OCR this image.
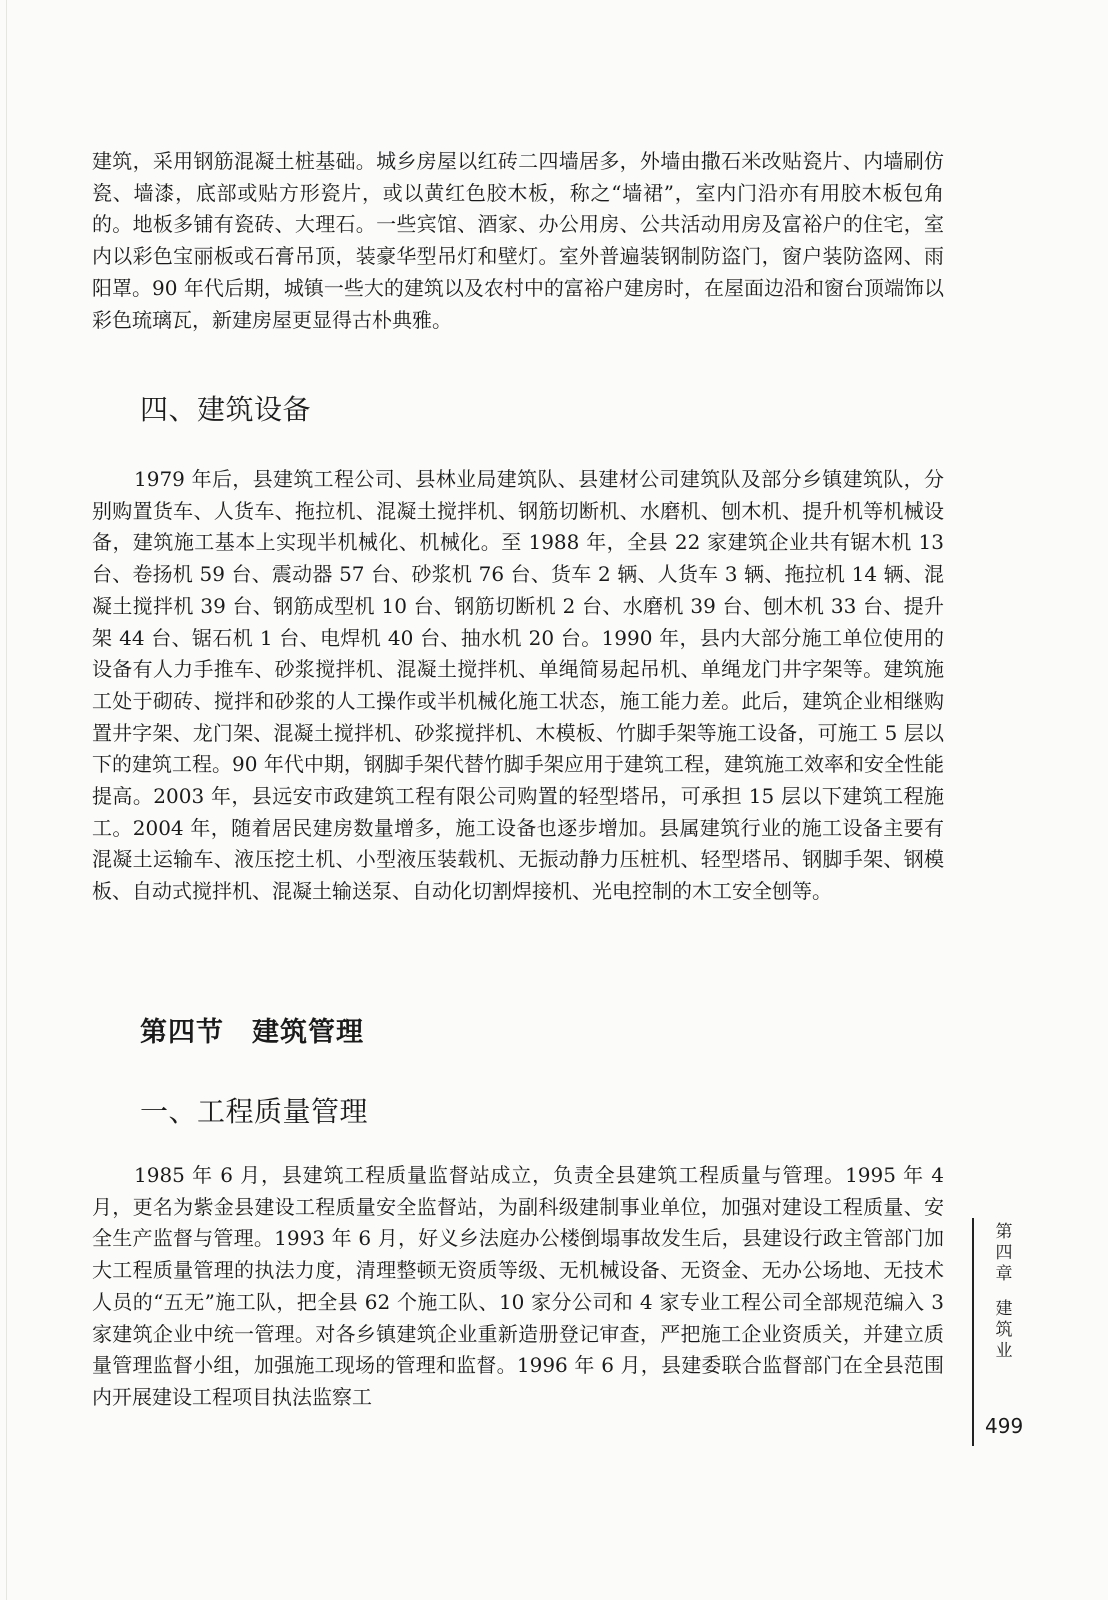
建筑，采用钢筋混凝土桩基础。城乡房屋以红砖二四墙居多，外墙由撒石米改贴瓷片、内墙刷仿瓷、墙漆，底部或贴方形瓷片，或以黄红色胶木板，称之“墙裙”，室内门沿亦有用胶木板包角的。地板多铺有瓷砖、大理石。一些宾馆、酒家、办公用房、公共活动用房及富裕户的住宅，室内以彩色宝丽板或石膏吊顶，装豪华型吊灯和壁灯。室外普遍装钢制防盗门，窗户装防盗网、雨阳罩。90 年代后期，城镇一些大的建筑以及农村中的富裕户建房时，在屋面边沿和窗台顶端饰以彩色琉璃瓦，新建房屋更显得古朴典雅。

四、建筑设备

1979 年后，县建筑工程公司、县林业局建筑队、县建材公司建筑队及部分乡镇建筑队，分别购置货车、人货车、拖拉机、混凝土搅拌机、钢筋切断机、水磨机、刨木机、提升机等机械设备，建筑施工基本上实现半机械化、机械化。至 1988 年，全县 22 家建筑企业共有锯木机 13 台、卷扬机 59 台、震动器 57 台、砂浆机 76 台、货车 2 辆、人货车 3 辆、拖拉机 14 辆、混凝土搅拌机 39 台、钢筋成型机 10 台、钢筋切断机 2 台、水磨机 39 台、刨木机 33 台、提升架 44 台、锯石机 1 台、电焊机 40 台、抽水机 20 台。1990 年，县内大部分施工单位使用的设备有人力手推车、砂浆搅拌机、混凝土搅拌机、单绳简易起吊机、单绳龙门井字架等。建筑施工处于砌砖、搅拌和砂浆的人工操作或半机械化施工状态，施工能力差。此后，建筑企业相继购置井字架、龙门架、混凝土搅拌机、砂浆搅拌机、木模板、竹脚手架等施工设备，可施工 5 层以下的建筑工程。90 年代中期，钢脚手架代替竹脚手架应用于建筑工程，建筑施工效率和安全性能提高。2003 年，县远安市政建筑工程有限公司购置的轻型塔吊，可承担 15 层以下建筑工程施工。2004 年，随着居民建房数量增多，施工设备也逐步增加。县属建筑行业的施工设备主要有混凝土运输车、液压挖土机、小型液压装载机、无振动静力压桩机、轻型塔吊、钢脚手架、钢模板、自动式搅拌机、混凝土输送泵、自动化切割焊接机、光电控制的木工安全刨等。

第四节 建筑管理
一、工程质量管理

1985 年 6 月，县建筑工程质量监督站成立，负责全县建筑工程质量与管理。1995 年 4 月，更名为紫金县建设工程质量安全监督站，为副科级建制事业单位，加强对建设工程质量、安全生产监督与管理。1993 年 6 月，好义乡法庭办公楼倒塌事故发生后，县建设行政主管部门加大工程质量管理的执法力度，清理整顿无资质等级、无机械设备、无资金、无办公场地、无技术人员的“五无”施工队，把全县 62 个施工队、10 家分公司和 4 家专业工程公司全部规范编入 3 家建筑企业中统一管理。对各乡镇建筑企业重新造册登记审查，严把施工企业资质关，并建立质量管理监督小组，加强施工现场的管理和监督。1996 年 6 月，县建委联合监督部门在全县范围内开展建设工程项目执法监察工

第
四
章
建
筑
业
499
